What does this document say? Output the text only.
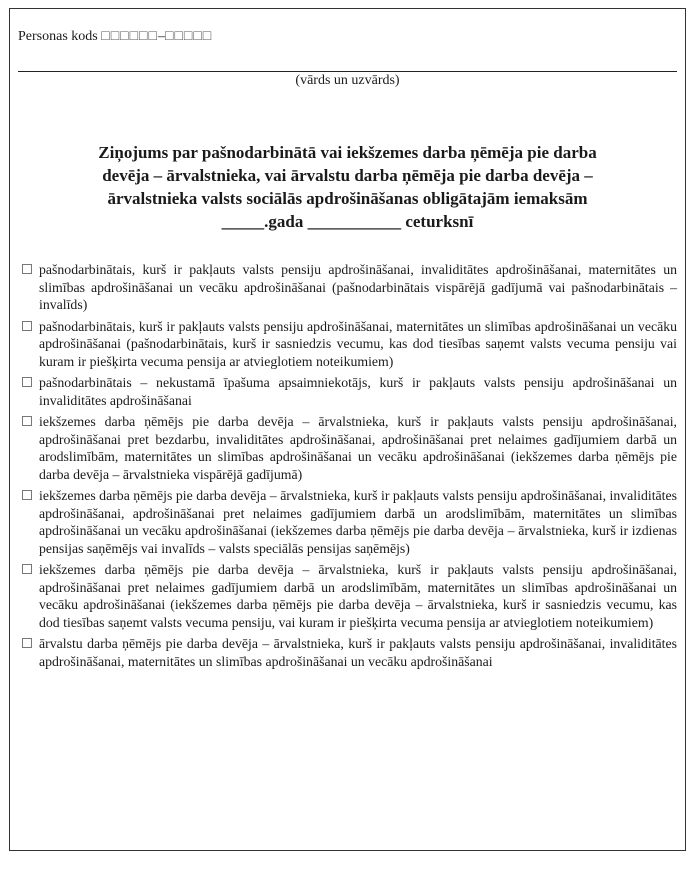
Personas kods □□□□□□–□□□□□
(vārds un uzvārds)
Ziņojums par pašnodarbinātā vai iekšzemes darba ņēmēja pie darba
devēja – ārvalstnieka, vai ārvalstu darba ņēmēja pie darba devēja –
ārvalstnieka valsts sociālās apdrošināšanas obligātajām iemaksām
_____.gada ___________ ceturksnī
pašnodarbinātais, kurš ir pakļauts valsts pensiju apdrošināšanai, invaliditātes apdrošināšanai, maternitātes un slimības apdrošināšanai un vecāku apdrošināšanai (pašnodarbinātais vispārējā gadījumā vai pašnodarbinātais – invalīds)
pašnodarbinātais, kurš ir pakļauts valsts pensiju apdrošināšanai, maternitātes un slimības apdrošināšanai un vecāku apdrošināšanai (pašnodarbinātais, kurš ir sasniedzis vecumu, kas dod tiesības saņemt valsts vecuma pensiju vai kuram ir piešķirta vecuma pensija ar atvieglotiem noteikumiem)
pašnodarbinātais – nekustamā īpašuma apsaimniekotājs, kurš ir pakļauts valsts pensiju apdrošināšanai un invaliditātes apdrošināšanai
iekšzemes darba ņēmējs pie darba devēja – ārvalstnieka, kurš ir pakļauts valsts pensiju apdrošināšanai, apdrošināšanai pret bezdarbu, invaliditātes apdrošināšanai, apdrošināšanai pret nelaimes gadījumiem darbā un arodslimībām, maternitātes un slimības apdrošināšanai un vecāku apdrošināšanai (iekšzemes darba ņēmējs pie darba devēja – ārvalstnieka vispārējā gadījumā)
iekšzemes darba ņēmējs pie darba devēja – ārvalstnieka, kurš ir pakļauts valsts pensiju apdrošināšanai, invaliditātes apdrošināšanai, apdrošināšanai pret nelaimes gadījumiem darbā un arodslimībām, maternitātes un slimības apdrošināšanai un vecāku apdrošināšanai (iekšzemes darba ņēmējs pie darba devēja – ārvalstnieka, kurš ir izdienas pensijas saņēmējs vai invalīds – valsts speciālās pensijas saņēmējs)
iekšzemes darba ņēmējs pie darba devēja – ārvalstnieka, kurš ir pakļauts valsts pensiju apdrošināšanai, apdrošināšanai pret nelaimes gadījumiem darbā un arodslimībām, maternitātes un slimības apdrošināšanai un vecāku apdrošināšanai (iekšzemes darba ņēmējs pie darba devēja – ārvalstnieka, kurš ir sasniedzis vecumu, kas dod tiesības saņemt valsts vecuma pensiju, vai kuram ir piešķirta vecuma pensija ar atvieglotiem noteikumiem)
ārvalstu darba ņēmējs pie darba devēja – ārvalstnieka, kurš ir pakļauts valsts pensiju apdrošināšanai, invaliditātes apdrošināšanai, maternitātes un slimības apdrošināšanai un vecāku apdrošināšanai
